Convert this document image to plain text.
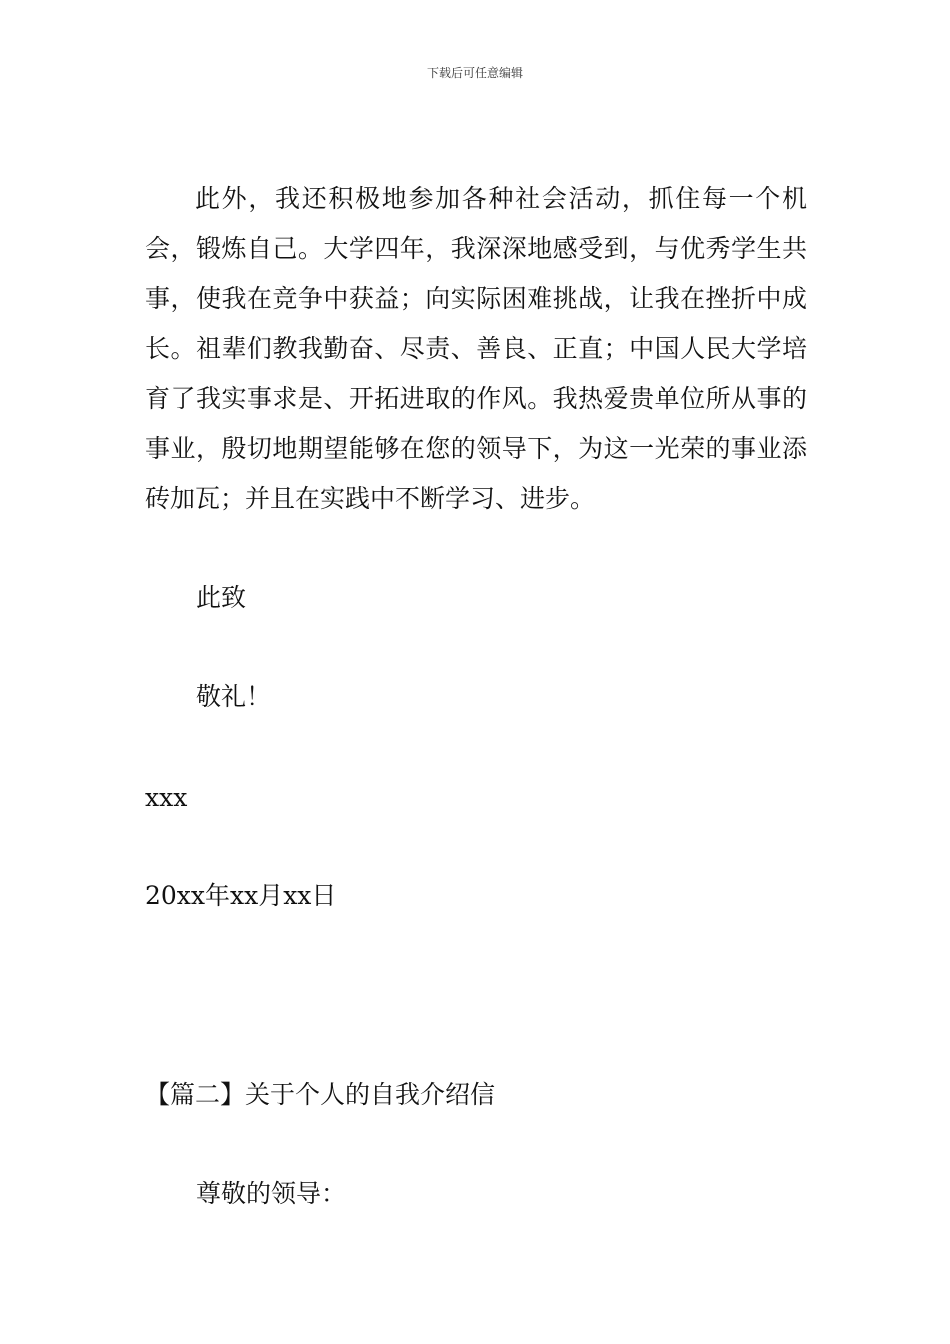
下载后可任意编辑

此外，我还积极地参加各种社会活动，抓住每一个机会，锻炼自己。大学四年，我深深地感受到，与优秀学生共事，使我在竞争中获益；向实际困难挑战，让我在挫折中成长。祖辈们教我勤奋、尽责、善良、正直；中国人民大学培育了我实事求是、开拓进取的作风。我热爱贵单位所从事的事业，殷切地期望能够在您的领导下，为这一光荣的事业添砖加瓦；并且在实践中不断学习、进步。

此致
敬礼！
xxx
20xx年xx月xx日
【篇二】关于个人的自我介绍信
尊敬的领导：
